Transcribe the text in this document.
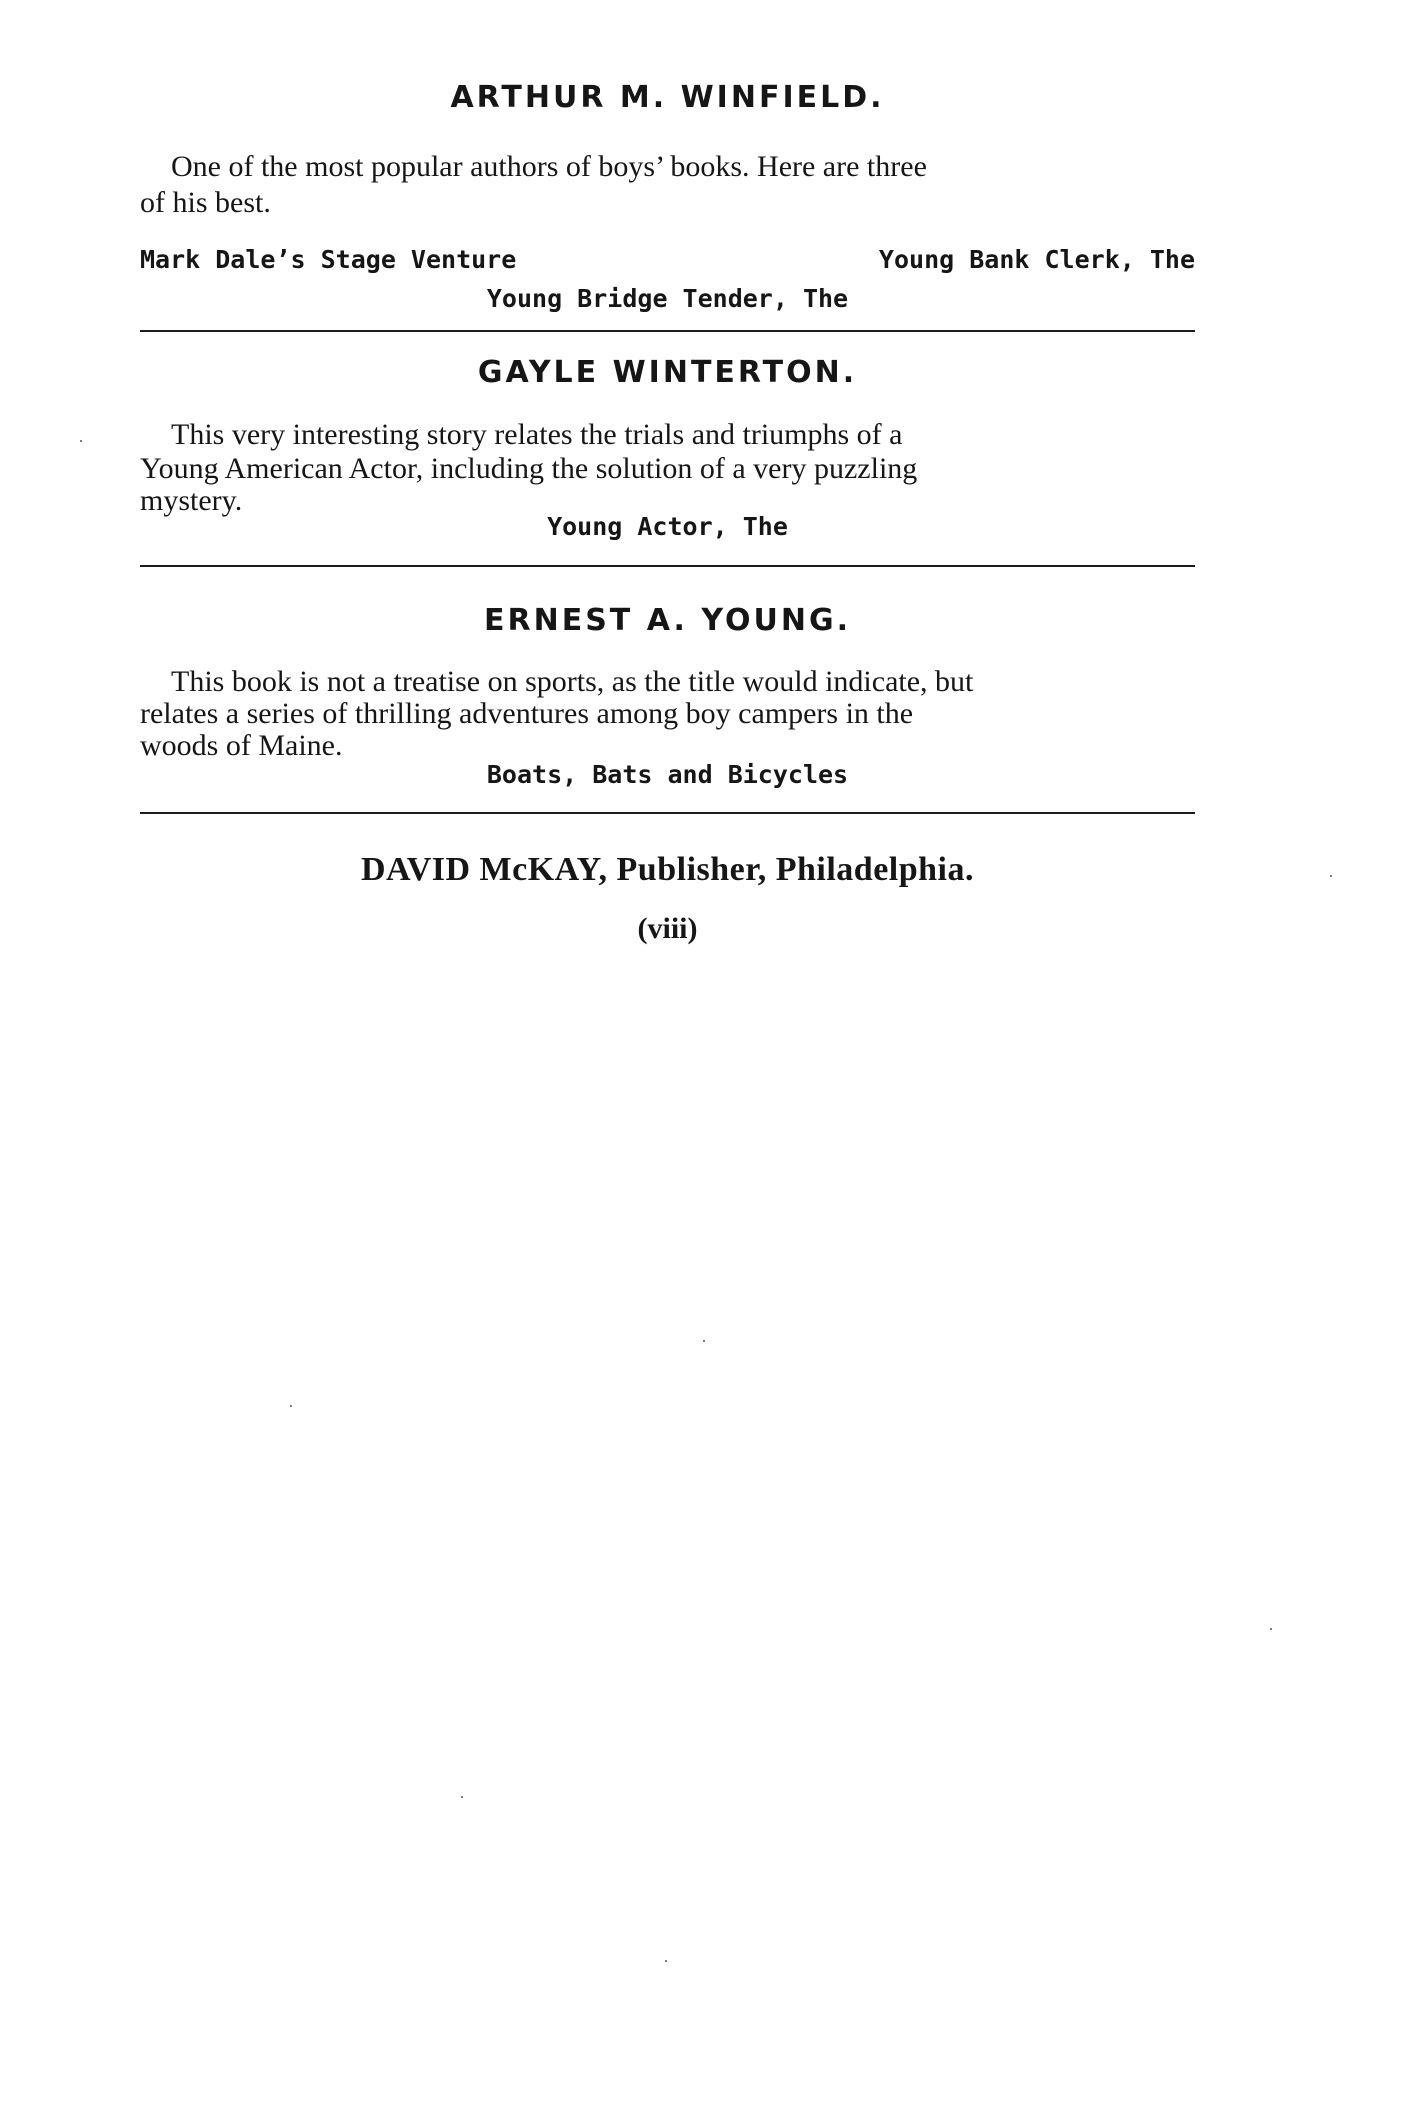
ARTHUR M. WINFIELD.

One of the most popular authors of boys’ books. Here are three

of his best.

Mark Dale’s Stage Venture	Young Bank Clerk, The

Young Bridge Tender, The

GAYLE WINTERTON.

This very interesting story relates the trials and triumphs of a

Young American Actor, including the solution of a very puzzling

mystery.

Young Actor, The

ERNEST A. YOUNG.

This book is not a treatise on sports, as the title would indicate, but

relates a series of thrilling adventures among boy campers in the

woods of Maine.

Boats, Bats and Bicycles

DAVID McKAY, Publisher, Philadelphia.

(viii)
